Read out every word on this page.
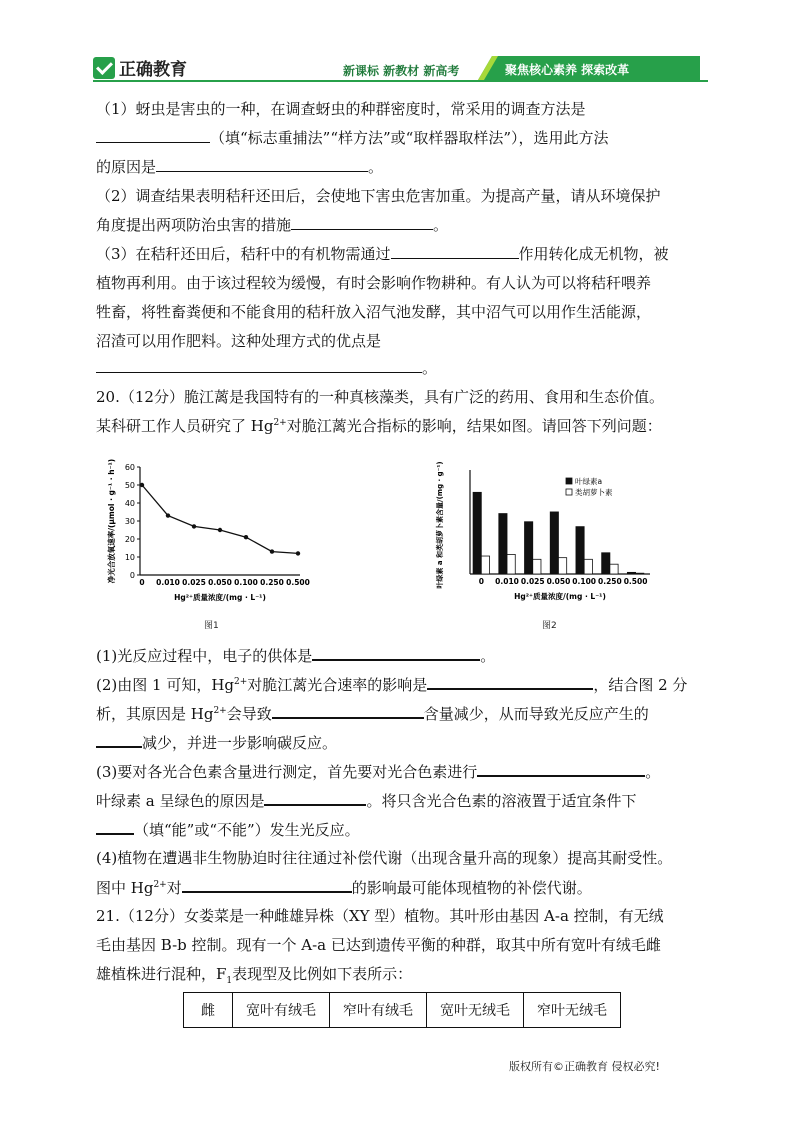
正确教育	新课标 新教材 新高考	聚焦核心素养 探索改革
（1）蚜虫是害虫的一种，在调查蚜虫的种群密度时，常采用的调查方法是
（填“标志重捕法”“样方法”或“取样器取样法”），选用此方法
的原因是	。
（2）调查结果表明秸秆还田后，会使地下害虫危害加重。为提高产量，请从环境保护
角度提出两项防治虫害的措施	。
（3）在秸秆还田后，秸秆中的有机物需通过	作用转化成无机物，被
植物再利用。由于该过程较为缓慢，有时会影响作物耕种。有人认为可以将秸秆喂养
牲畜，将牲畜粪便和不能食用的秸秆放入沼气池发酵，其中沼气可以用作生活能源，
沼渣可以用作肥料。这种处理方式的优点是
。
20.（12分）脆江蓠是我国特有的一种真核藻类，具有广泛的药用、食用和生态价值。
某科研工作人员研究了 $Hg^{2+}$对脆江蓠光合指标的影响，结果如图。请回答下列问题：
0
10
20
30
40
50
60
0 0.010 0.025 0.050 0.100 0.250 0.500
Hg²⁺质量浓度/(mg · L⁻¹)
净光合放氧速率/(μmol · g⁻¹ · h⁻¹)
图1
0 0.010 0.025 0.050 0.100 0.250 0.500
叶绿素a
类胡萝卜素
Hg²⁺质量浓度/(mg · L⁻¹)
叶绿素 a 和类胡萝卜素含量/(mg · g⁻¹)
图2
(1)光反应过程中，电子的供体是	。
(2)由图 1 可知，$Hg^{2+}$对脆江蓠光合速率的影响是	，结合图 2 分
析，其原因是 $Hg^{2+}$会导致	含量减少，从而导致光反应产生的
减少，并进一步影响碳反应。
(3)要对各光合色素含量进行测定，首先要对光合色素进行	。
叶绿素 a 呈绿色的原因是	。将只含光合色素的溶液置于适宜条件下
（填“能”或“不能”）发生光反应。
(4)植物在遭遇非生物胁迫时往往通过补偿代谢（出现含量升高的现象）提高其耐受性。
图中 $Hg^{2+}$对	的影响最可能体现植物的补偿代谢。
21.（12分）女娄菜是一种雌雄异株（XY 型）植物。其叶形由基因 A-a 控制，有无绒
毛由基因 B-b 控制。现有一个 A-a 已达到遗传平衡的种群，取其中所有宽叶有绒毛雌
雄植株进行混种，$F_1$表现型及比例如下表所示：
雌	宽叶有绒毛	窄叶有绒毛	宽叶无绒毛	窄叶无绒毛
版权所有©正确教育 侵权必究!
